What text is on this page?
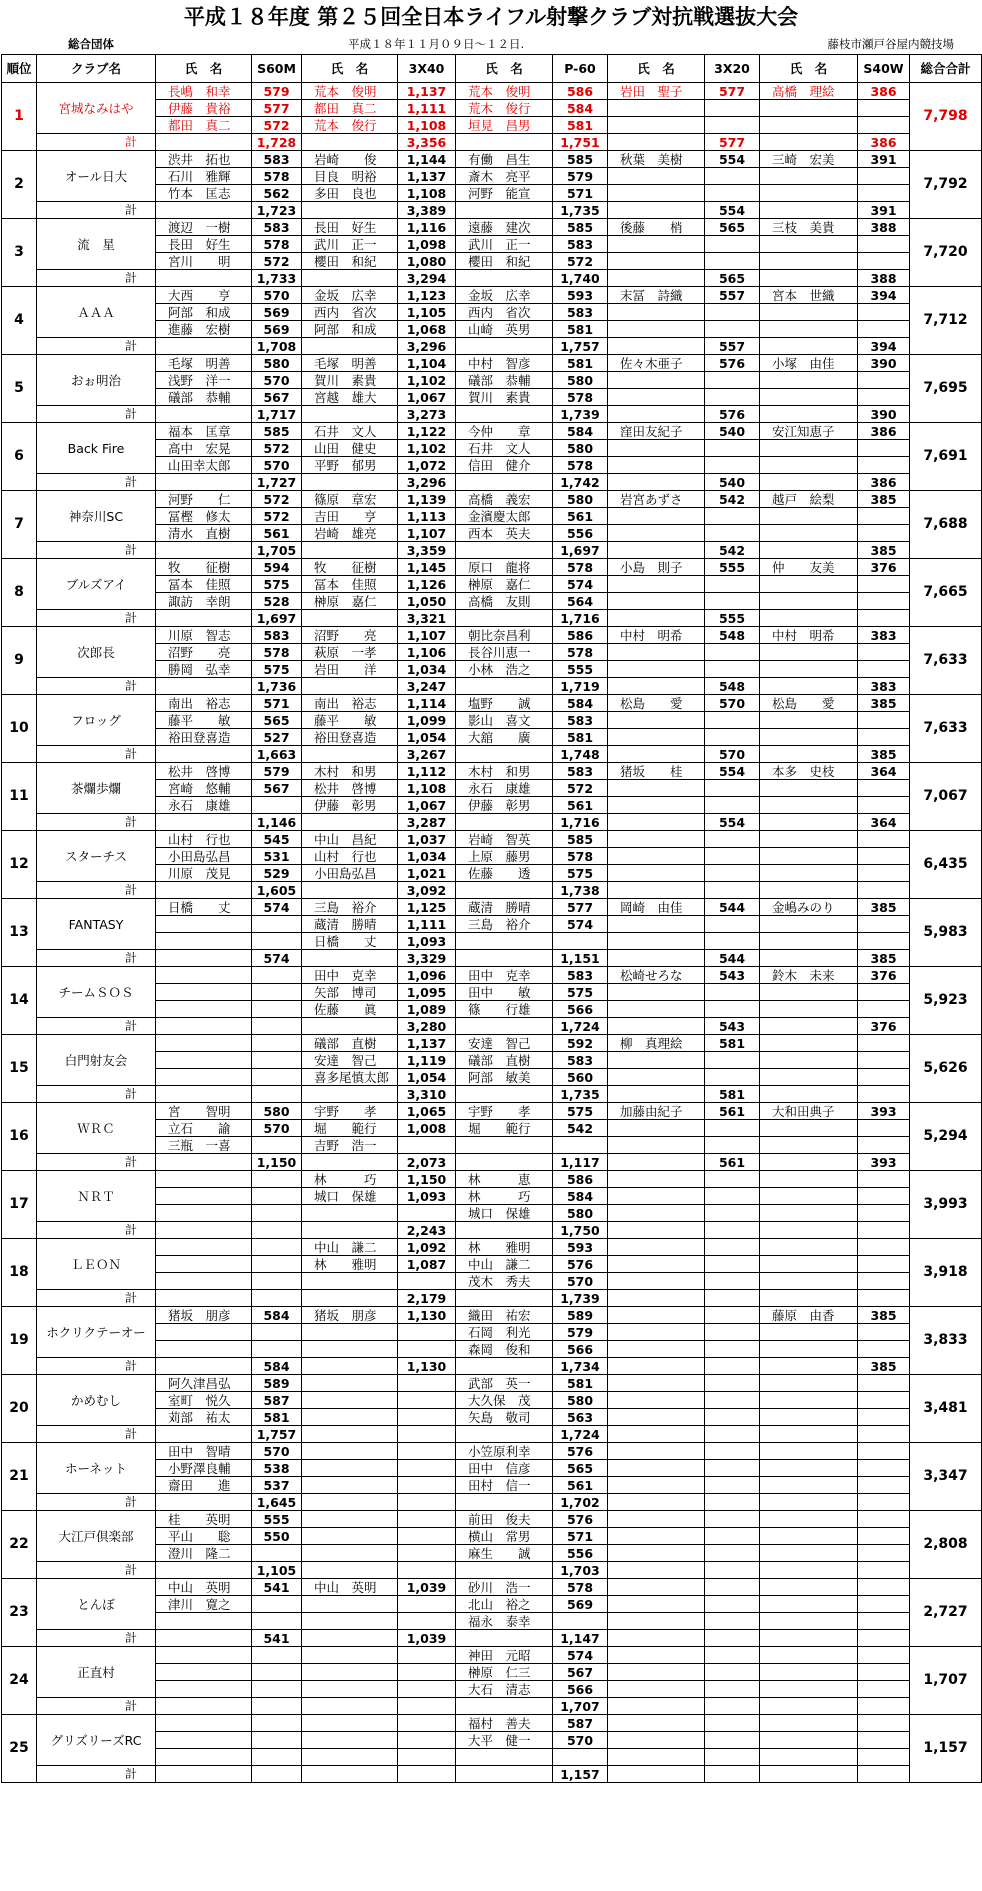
平成１８年度 第２５回全日本ライフル射撃クラブ対抗戦選抜大会
総合団体	平成１８年１１月０９日～１２日.	藤枝市瀬戸谷屋内競技場
順位	クラブ名	氏　名	S60M	氏　名	3X40	氏　名	P-60	氏　名	3X20	氏　名	S40W	総合合計
1	宮城なみはや	長嶋　和幸	579	荒本　俊明	1,137	荒本　俊明	586	岩田　聖子	577	高橋　理絵	386	7,798
		伊藤　貴裕	577	都田　真二	1,111	荒木　俊行	584					
		都田　真二	572	荒本　俊行	1,108	垣見　昌男	581					
	計		1,728		3,356		1,751		577		386	
2	オール日大	渋井　拓也	583	岩崎　　俊	1,144	有働　昌生	585	秋葉　美樹	554	三崎　宏美	391	7,792
		石川　雅輝	578	目良　明裕	1,137	斎木　亮平	579					
		竹本　匡志	562	多田　良也	1,108	河野　能宣	571					
	計		1,723		3,389		1,735		554		391	
3	流　星	渡辺　一樹	583	長田　好生	1,116	遠藤　建次	585	後藤　　梢	565	三枝　美貴	388	7,720
		長田　好生	578	武川　正一	1,098	武川　正一	583					
		宮川　　明	572	櫻田　和紀	1,080	櫻田　和紀	572					
	計		1,733		3,294		1,740		565		388	
4	ＡＡＡ	大西　　亨	570	金坂　広幸	1,123	金坂　広幸	593	末冨　詩織	557	宮本　世織	394	7,712
		阿部　和成	569	西内　省次	1,105	西内　省次	583					
		進藤　宏樹	569	阿部　和成	1,068	山崎　英男	581					
	計		1,708		3,296		1,757		557		394	
5	おぉ明治	毛塚　明善	580	毛塚　明善	1,104	中村　智彦	581	佐々木亜子	576	小塚　由佳	390	7,695
		浅野　洋一	570	賀川　素貴	1,102	礒部　恭輔	580					
		礒部　恭輔	567	宮越　雄大	1,067	賀川　素貴	578					
	計		1,717		3,273		1,739		576		390	
6	Back Fire	福本　匡章	585	石井　文人	1,122	今仲　　章	584	窪田友紀子	540	安江知恵子	386	7,691
		高中　宏晃	572	山田　健史	1,102	石井　文人	580					
		山田幸太郎	570	平野　郁男	1,072	信田　健介	578					
	計		1,727		3,296		1,742		540		386	
7	神奈川SC	河野　　仁	572	篠原　章宏	1,139	高橋　義宏	580	岩宮あずさ	542	越戸　絵梨	385	7,688
		冨樫　修太	572	吉田　　亨	1,113	金濱慶太郎	561					
		清水　直樹	561	岩崎　雄亮	1,107	西本　英夫	556					
	計		1,705		3,359		1,697		542		385	
8	ブルズアイ	牧　　征樹	594	牧　　征樹	1,145	原口　龍将	578	小島　則子	555	仲　　友美	376	7,665
		冨本　佳照	575	冨本　佳照	1,126	榊原　嘉仁	574					
		諏訪　幸朗	528	榊原　嘉仁	1,050	高橋　友則	564					
	計		1,697		3,321		1,716		555			
9	次郎長	川原　智志	583	沼野　　亮	1,107	朝比奈昌利	586	中村　明希	548	中村　明希	383	7,633
		沼野　　亮	578	萩原　一孝	1,106	長谷川恵一	578					
		勝岡　弘幸	575	岩田　　洋	1,034	小林　浩之	555					
	計		1,736		3,247		1,719		548		383	
10	フロッグ	南出　裕志	571	南出　裕志	1,114	塩野　　誠	584	松島　　愛	570	松島　　愛	385	7,633
		藤平　　敏	565	藤平　　敏	1,099	影山　喜文	583					
		裕田登喜造	527	裕田登喜造	1,054	大舘　　廣	581					
	計		1,663		3,267		1,748		570		385	
11	茶爛歩爛	松井　啓博	579	木村　和男	1,112	木村　和男	583	猪坂　　桂	554	本多　史枝	364	7,067
		宮崎　悠輔	567	松井　啓博	1,108	永石　康雄	572					
		永石　康雄		伊藤　彰男	1,067	伊藤　彰男	561					
	計		1,146		3,287		1,716		554		364	
12	スターチス	山村　行也	545	中山　昌紀	1,037	岩崎　智英	585					6,435
		小田島弘昌	531	山村　行也	1,034	上原　藤男	578					
		川原　茂見	529	小田島弘昌	1,021	佐藤　　透	575					
	計		1,605		3,092		1,738					
13	FANTASY	日橋　　丈	574	三島　裕介	1,125	蔵清　勝晴	577	岡崎　由佳	544	金嶋みのり	385	5,983
				蔵清　勝晴	1,111	三島　裕介	574					
				日橋　　丈	1,093							
	計		574		3,329		1,151		544		385	
14	チームＳＯＳ			田中　克幸	1,096	田中　克幸	583	松崎せろな	543	鈴木　未来	376	5,923
				矢部　博司	1,095	田中　　敏	575					
				佐藤　　眞	1,089	篠　　行雄	566					
	計				3,280		1,724		543		376	
15	白門射友会			礒部　直樹	1,137	安達　智己	592	柳　真理絵	581			5,626
				安達　智己	1,119	礒部　直樹	583					
				喜多尾慎太郎	1,054	阿部　敏美	560					
	計				3,310		1,735		581			
16	ＷＲＣ	宮　　智明	580	宇野　　孝	1,065	宇野　　孝	575	加藤由紀子	561	大和田典子	393	5,294
		立石　　諭	570	堀　　範行	1,008	堀　　範行	542					
		三瓶　一喜		吉野　浩一								
	計		1,150		2,073		1,117		561		393	
17	ＮＲＴ			林　　　巧	1,150	林　　　恵	586					3,993
				城口　保雄	1,093	林　　　巧	584					
						城口　保雄	580					
	計				2,243		1,750					
18	ＬＥＯＮ			中山　謙二	1,092	林　　雅明	593					3,918
				林　　雅明	1,087	中山　謙二	576					
						茂木　秀夫	570					
	計				2,179		1,739					
19	ホクリクテーオー	猪坂　朋彦	584	猪坂　朋彦	1,130	織田　祐宏	589			藤原　由香	385	3,833
						石岡　利光	579					
						森岡　俊和	566					
	計		584		1,130		1,734				385	
20	かめむし	阿久津昌弘	589			武部　英一	581					3,481
		室町　悦久	587			大久保　茂	580					
		苅部　祐太	581			矢島　敬司	563					
	計		1,757				1,724					
21	ホーネット	田中　智晴	570			小笠原利幸	576					3,347
		小野澤良輔	538			田中　信彦	565					
		齋田　　進	537			田村　信一	561					
	計		1,645				1,702					
22	大江戸倶楽部	桂　　英明	555			前田　俊夫	576					2,808
		平山　　聡	550			横山　常男	571					
		澄川　隆二				麻生　　誠	556					
	計		1,105				1,703					
23	とんぼ	中山　英明	541	中山　英明	1,039	砂川　浩一	578					2,727
		津川　寛之				北山　裕之	569					
						福永　泰幸						
	計		541		1,039		1,147					
24	正直村					神田　元昭	574					1,707
						榊原　仁三	567					
						大石　清志	566					
	計						1,707					
25	グリズリーズRC					福村　善夫	587					1,157
						大平　健一	570					

	計						1,157					
